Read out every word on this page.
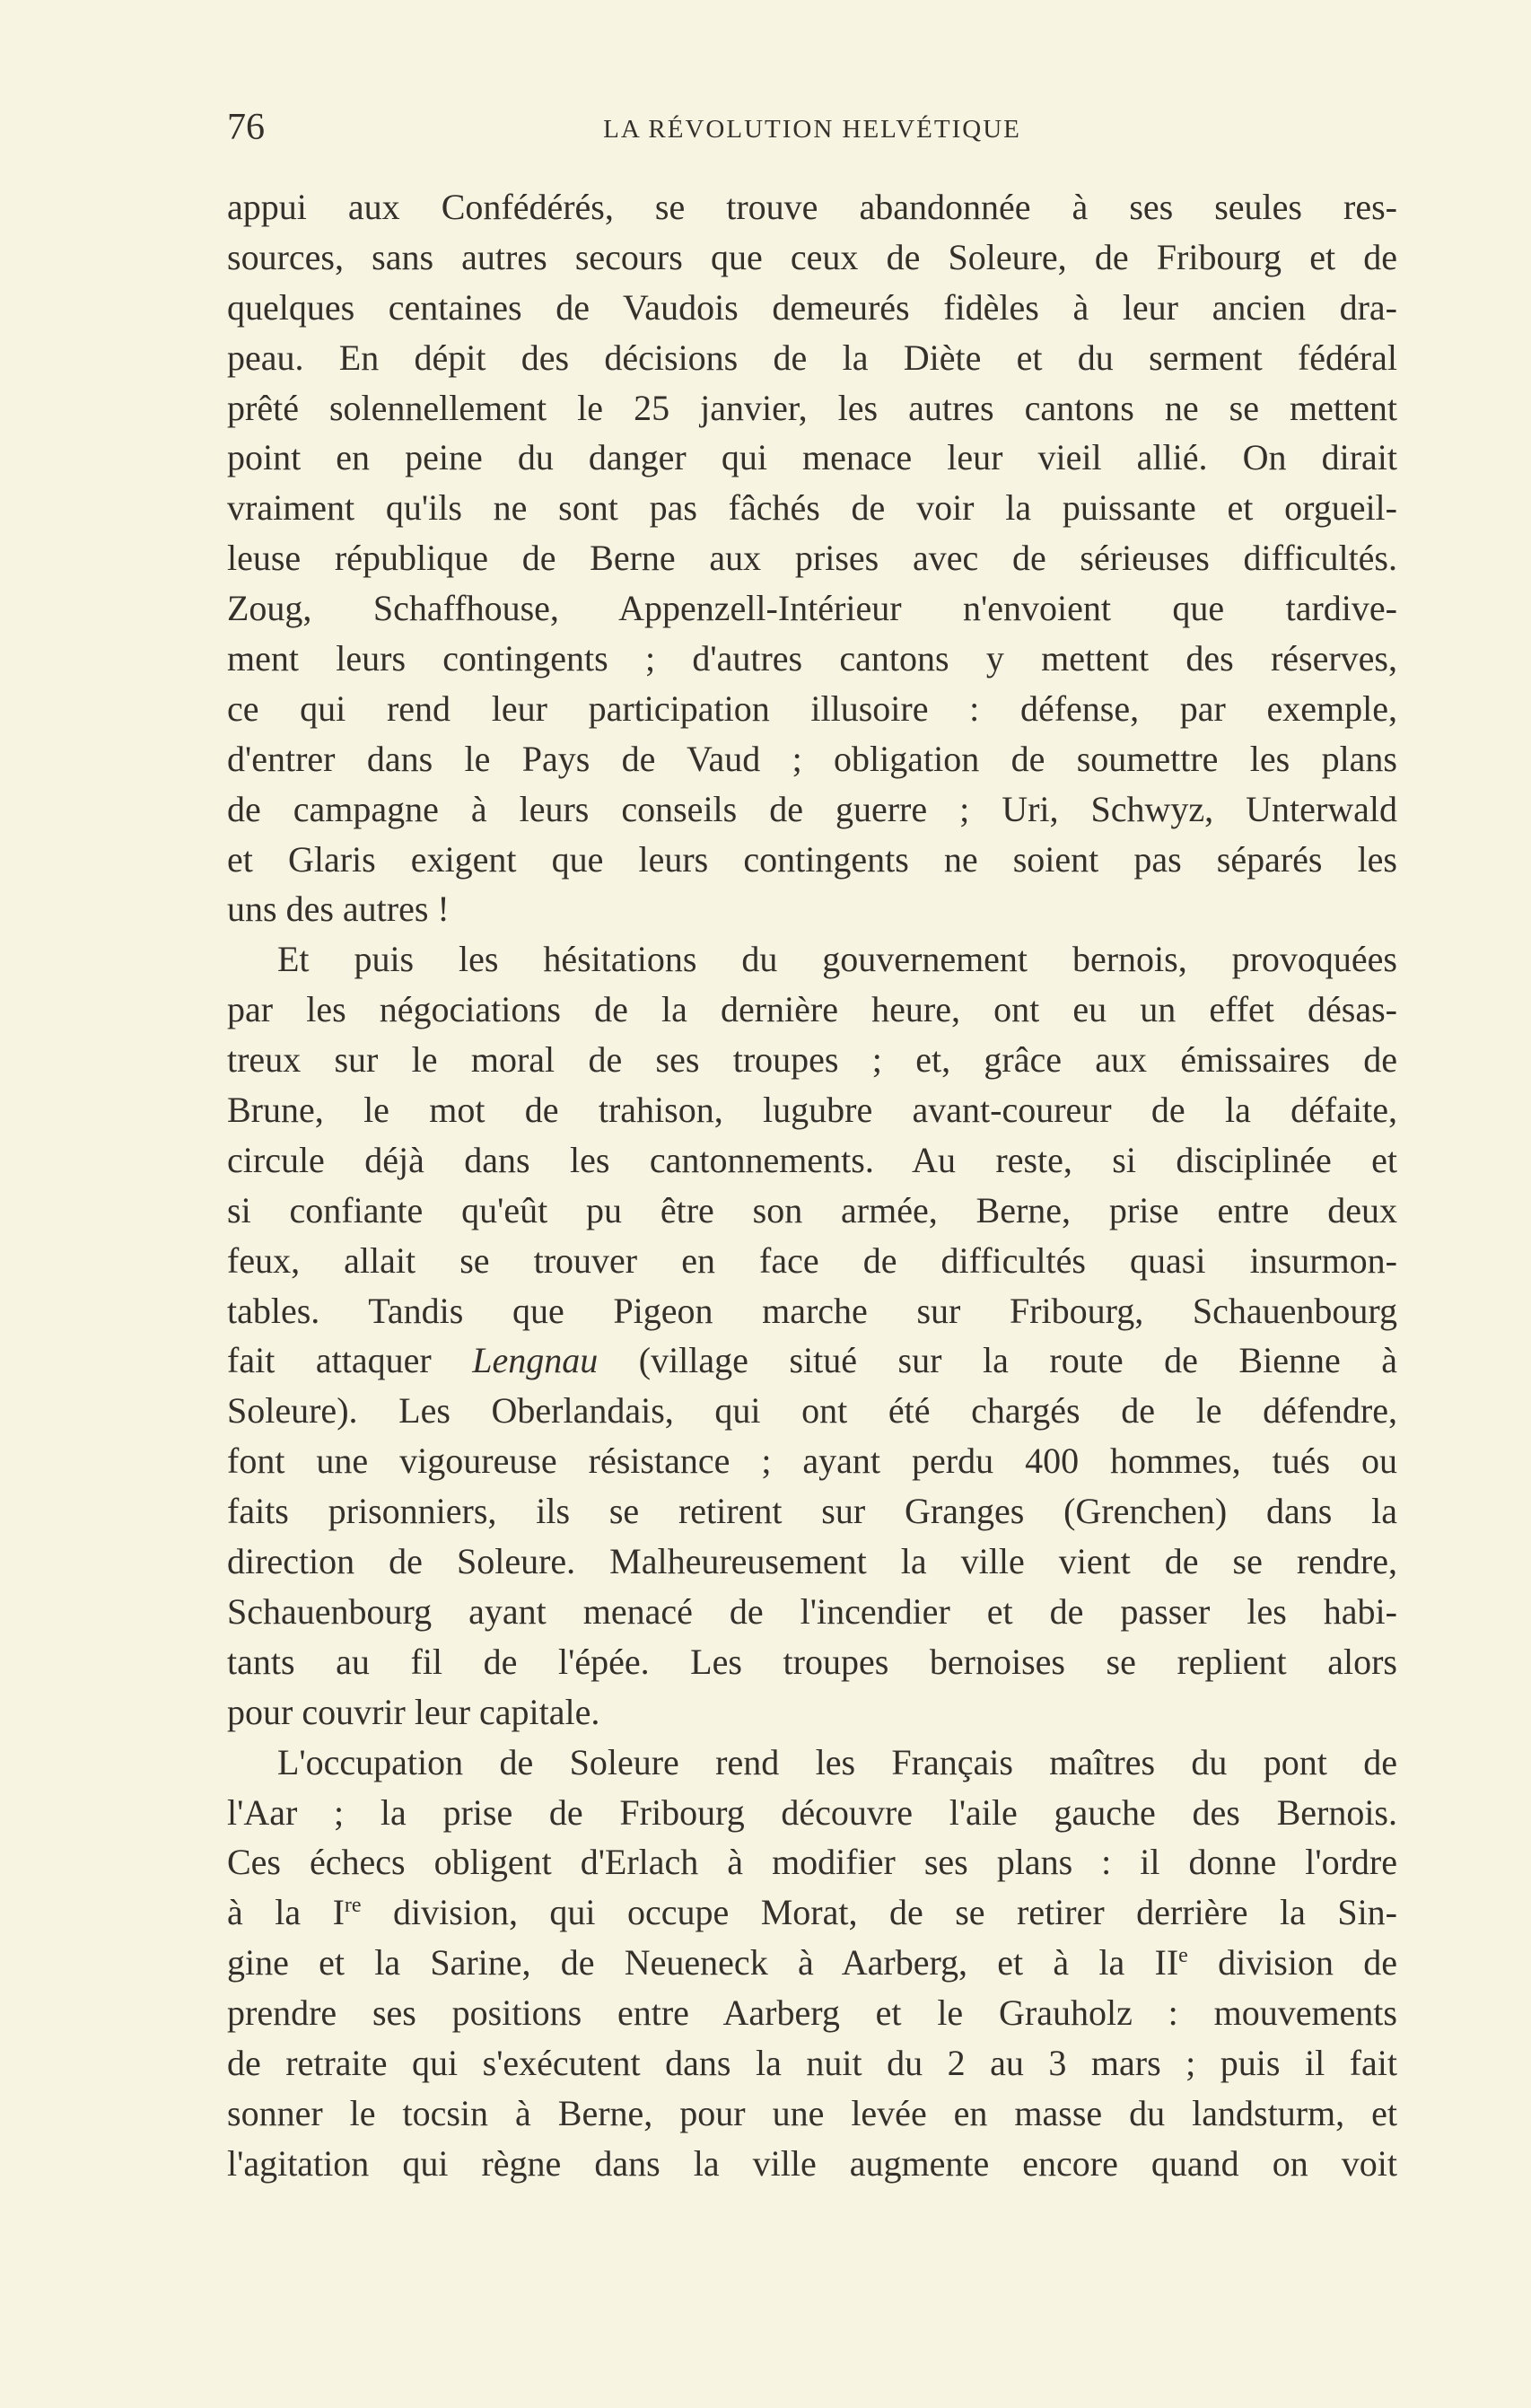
76	LA RÉVOLUTION HELVÉTIQUE
appui aux Confédérés, se trouve abandonnée à ses seules res-
sources, sans autres secours que ceux de Soleure, de Fribourg et de
quelques centaines de Vaudois demeurés fidèles à leur ancien dra-
peau. En dépit des décisions de la Diète et du serment fédéral
prêté solennellement le 25 janvier, les autres cantons ne se mettent
point en peine du danger qui menace leur vieil allié. On dirait
vraiment qu'ils ne sont pas fâchés de voir la puissante et orgueil-
leuse république de Berne aux prises avec de sérieuses difficultés.
Zoug, Schaffhouse, Appenzell-Intérieur n'envoient que tardive-
ment leurs contingents ; d'autres cantons y mettent des réserves,
ce qui rend leur participation illusoire : défense, par exemple,
d'entrer dans le Pays de Vaud ; obligation de soumettre les plans
de campagne à leurs conseils de guerre ; Uri, Schwyz, Unterwald
et Glaris exigent que leurs contingents ne soient pas séparés les
uns des autres !
Et puis les hésitations du gouvernement bernois, provoquées
par les négociations de la dernière heure, ont eu un effet désas-
treux sur le moral de ses troupes ; et, grâce aux émissaires de
Brune, le mot de trahison, lugubre avant-coureur de la défaite,
circule déjà dans les cantonnements. Au reste, si disciplinée et
si confiante qu'eût pu être son armée, Berne, prise entre deux
feux, allait se trouver en face de difficultés quasi insurmon-
tables. Tandis que Pigeon marche sur Fribourg, Schauenbourg
fait attaquer Lengnau (village situé sur la route de Bienne à
Soleure). Les Oberlandais, qui ont été chargés de le défendre,
font une vigoureuse résistance ; ayant perdu 400 hommes, tués ou
faits prisonniers, ils se retirent sur Granges (Grenchen) dans la
direction de Soleure. Malheureusement la ville vient de se rendre,
Schauenbourg ayant menacé de l'incendier et de passer les habi-
tants au fil de l'épée. Les troupes bernoises se replient alors
pour couvrir leur capitale.
L'occupation de Soleure rend les Français maîtres du pont de
l'Aar ; la prise de Fribourg découvre l'aile gauche des Bernois.
Ces échecs obligent d'Erlach à modifier ses plans : il donne l'ordre
à la Ire division, qui occupe Morat, de se retirer derrière la Sin-
gine et la Sarine, de Neueneck à Aarberg, et à la IIe division de
prendre ses positions entre Aarberg et le Grauholz : mouvements
de retraite qui s'exécutent dans la nuit du 2 au 3 mars ; puis il fait
sonner le tocsin à Berne, pour une levée en masse du landsturm, et
l'agitation qui règne dans la ville augmente encore quand on voit
